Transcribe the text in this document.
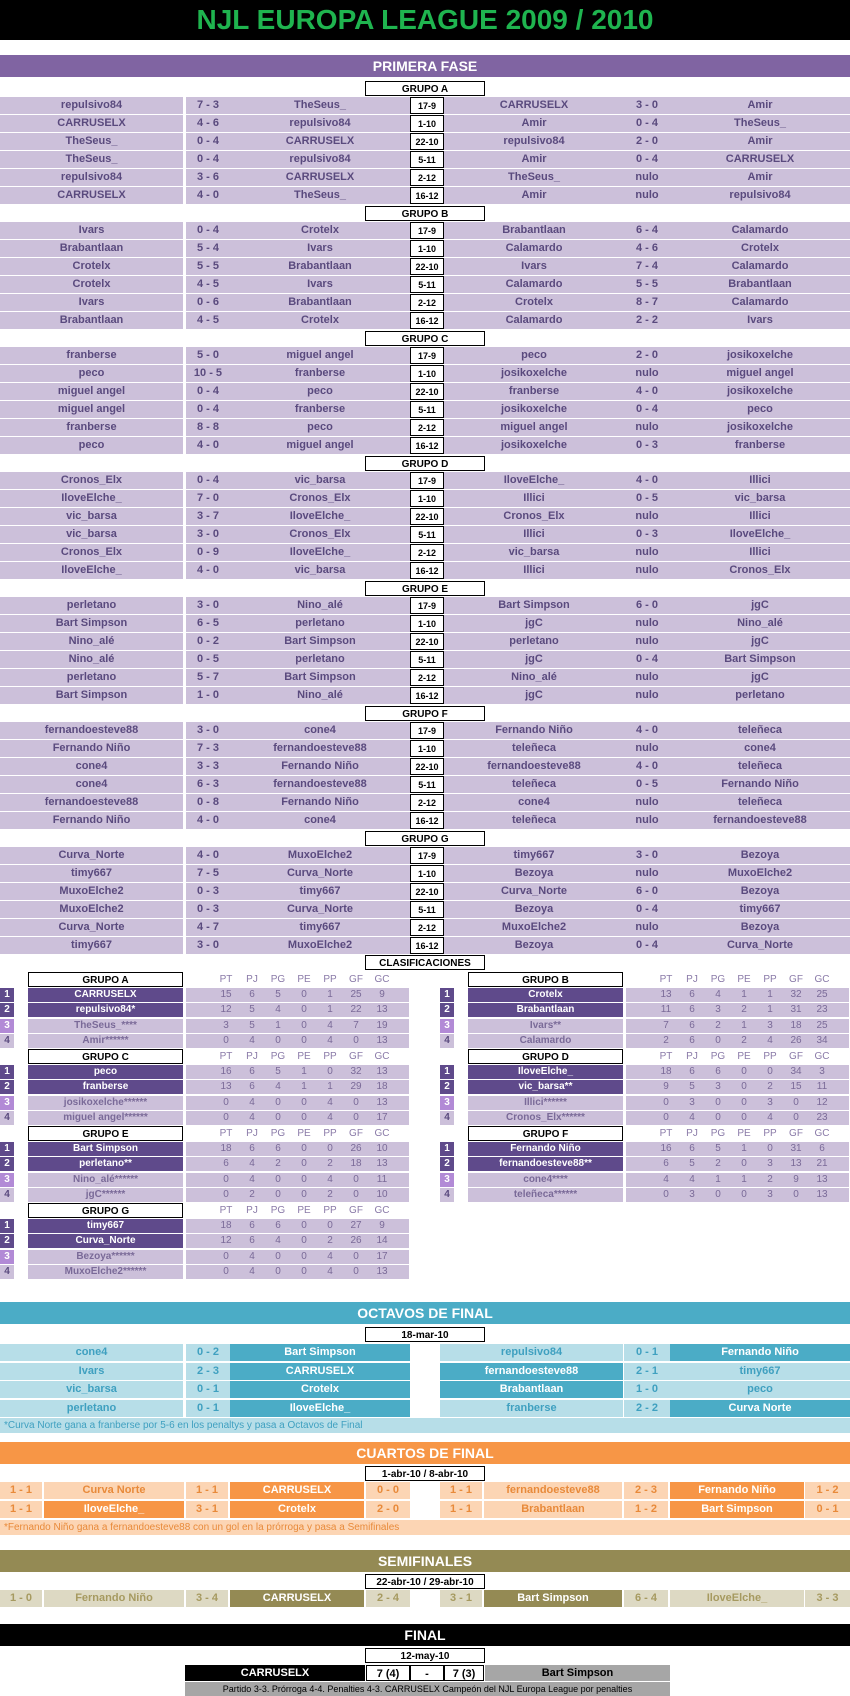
NJL EUROPA LEAGUE 2009 / 2010
PRIMERA FASE
GRUPO A
repulsivo84	7 - 3	TheSeus_	17-9	CARRUSELX	3 - 0	Amir
CARRUSELX	4 - 6	repulsivo84	1-10	Amir	0 - 4	TheSeus_
TheSeus_	0 - 4	CARRUSELX	22-10	repulsivo84	2 - 0	Amir
TheSeus_	0 - 4	repulsivo84	5-11	Amir	0 - 4	CARRUSELX
repulsivo84	3 - 6	CARRUSELX	2-12	TheSeus_	nulo	Amir
CARRUSELX	4 - 0	TheSeus_	16-12	Amir	nulo	repulsivo84
GRUPO B
Ivars	0 - 4	Crotelx	17-9	Brabantlaan	6 - 4	Calamardo
Brabantlaan	5 - 4	Ivars	1-10	Calamardo	4 - 6	Crotelx
Crotelx	5 - 5	Brabantlaan	22-10	Ivars	7 - 4	Calamardo
Crotelx	4 - 5	Ivars	5-11	Calamardo	5 - 5	Brabantlaan
Ivars	0 - 6	Brabantlaan	2-12	Crotelx	8 - 7	Calamardo
Brabantlaan	4 - 5	Crotelx	16-12	Calamardo	2 - 2	Ivars
GRUPO C
franberse	5 - 0	miguel angel	17-9	peco	2 - 0	josikoxelche
peco	10 - 5	franberse	1-10	josikoxelche	nulo	miguel angel
miguel angel	0 - 4	peco	22-10	franberse	4 - 0	josikoxelche
miguel angel	0 - 4	franberse	5-11	josikoxelche	0 - 4	peco
franberse	8 - 8	peco	2-12	miguel angel	nulo	josikoxelche
peco	4 - 0	miguel angel	16-12	josikoxelche	0 - 3	franberse
GRUPO D
Cronos_Elx	0 - 4	vic_barsa	17-9	IloveElche_	4 - 0	Illici
IloveElche_	7 - 0	Cronos_Elx	1-10	Illici	0 - 5	vic_barsa
vic_barsa	3 - 7	IloveElche_	22-10	Cronos_Elx	nulo	Illici
vic_barsa	3 - 0	Cronos_Elx	5-11	Illici	0 - 3	IloveElche_
Cronos_Elx	0 - 9	IloveElche_	2-12	vic_barsa	nulo	Illici
IloveElche_	4 - 0	vic_barsa	16-12	Illici	nulo	Cronos_Elx
GRUPO E
perletano	3 - 0	Nino_alé	17-9	Bart Simpson	6 - 0	jgC
Bart Simpson	6 - 5	perletano	1-10	jgC	nulo	Nino_alé
Nino_alé	0 - 2	Bart Simpson	22-10	perletano	nulo	jgC
Nino_alé	0 - 5	perletano	5-11	jgC	0 - 4	Bart Simpson
perletano	5 - 7	Bart Simpson	2-12	Nino_alé	nulo	jgC
Bart Simpson	1 - 0	Nino_alé	16-12	jgC	nulo	perletano
GRUPO F
fernandoesteve88	3 - 0	cone4	17-9	Fernando Niño	4 - 0	teleñeca
Fernando Niño	7 - 3	fernandoesteve88	1-10	teleñeca	nulo	cone4
cone4	3 - 3	Fernando Niño	22-10	fernandoesteve88	4 - 0	teleñeca
cone4	6 - 3	fernandoesteve88	5-11	teleñeca	0 - 5	Fernando Niño
fernandoesteve88	0 - 8	Fernando Niño	2-12	cone4	nulo	teleñeca
Fernando Niño	4 - 0	cone4	16-12	teleñeca	nulo	fernandoesteve88
GRUPO G
Curva_Norte	4 - 0	MuxoElche2	17-9	timy667	3 - 0	Bezoya
timy667	7 - 5	Curva_Norte	1-10	Bezoya	nulo	MuxoElche2
MuxoElche2	0 - 3	timy667	22-10	Curva_Norte	6 - 0	Bezoya
MuxoElche2	0 - 3	Curva_Norte	5-11	Bezoya	0 - 4	timy667
Curva_Norte	4 - 7	timy667	2-12	MuxoElche2	nulo	Bezoya
timy667	3 - 0	MuxoElche2	16-12	Bezoya	0 - 4	Curva_Norte
CLASIFICACIONES
GRUPO A	PT	PJ	PG	PE	PP	GF	GC
1	CARRUSELX	15	6	5	0	1	25	9
2	repulsivo84*	12	5	4	0	1	22	13
3	TheSeus_****	3	5	1	0	4	7	19
4	Amir******	0	4	0	0	4	0	13
GRUPO B	PT	PJ	PG	PE	PP	GF	GC
1	Crotelx	13	6	4	1	1	32	25
2	Brabantlaan	11	6	3	2	1	31	23
3	Ivars**	7	6	2	1	3	18	25
4	Calamardo	2	6	0	2	4	26	34
GRUPO C	PT	PJ	PG	PE	PP	GF	GC
1	peco	16	6	5	1	0	32	13
2	franberse	13	6	4	1	1	29	18
3	josikoxelche******	0	4	0	0	4	0	13
4	miguel angel******	0	4	0	0	4	0	17
GRUPO D	PT	PJ	PG	PE	PP	GF	GC
1	IloveElche_	18	6	6	0	0	34	3
2	vic_barsa**	9	5	3	0	2	15	11
3	Illici******	0	3	0	0	3	0	12
4	Cronos_Elx******	0	4	0	0	4	0	23
GRUPO E	PT	PJ	PG	PE	PP	GF	GC
1	Bart Simpson	18	6	6	0	0	26	10
2	perletano**	6	4	2	0	2	18	13
3	Nino_alé******	0	4	0	0	4	0	11
4	jgC******	0	2	0	0	2	0	10
GRUPO F	PT	PJ	PG	PE	PP	GF	GC
1	Fernando Niño	16	6	5	1	0	31	6
2	fernandoesteve88**	6	5	2	0	3	13	21
3	cone4****	4	4	1	1	2	9	13
4	teleñeca******	0	3	0	0	3	0	13
GRUPO G	PT	PJ	PG	PE	PP	GF	GC
1	timy667	18	6	6	0	0	27	9
2	Curva_Norte	12	6	4	0	2	26	14
3	Bezoya******	0	4	0	0	4	0	17
4	MuxoElche2******	0	4	0	0	4	0	13
OCTAVOS DE FINAL
18-mar-10
cone4	0 - 2	Bart Simpson	repulsivo84	0 - 1	Fernando Niño
Ivars	2 - 3	CARRUSELX	fernandoesteve88	2 - 1	timy667
vic_barsa	0 - 1	Crotelx	Brabantlaan	1 - 0	peco
perletano	0 - 1	IloveElche_	franberse	2 - 2	Curva Norte
*Curva Norte gana a franberse por 5-6 en los penaltys y pasa a Octavos de Final
CUARTOS DE FINAL
1-abr-10 / 8-abr-10
1 - 1	Curva Norte	1 - 1	CARRUSELX	0 - 0	1 - 1	fernandoesteve88	2 - 3	Fernando Niño	1 - 2
1 - 1	IloveElche_	3 - 1	Crotelx	2 - 0	1 - 1	Brabantlaan	1 - 2	Bart Simpson	0 - 1
*Fernando Niño gana a fernandoesteve88 con un gol en la prórroga y pasa a Semifinales
SEMIFINALES
22-abr-10 / 29-abr-10
1 - 0	Fernando Niño	3 - 4	CARRUSELX	2 - 4	3 - 1	Bart Simpson	6 - 4	IloveElche_	3 - 3
FINAL
12-may-10
CARRUSELX	7 (4)	-	7 (3)	Bart Simpson
Partido 3-3. Prórroga 4-4. Penalties 4-3. CARRUSELX Campeón del NJL Europa League por penalties
